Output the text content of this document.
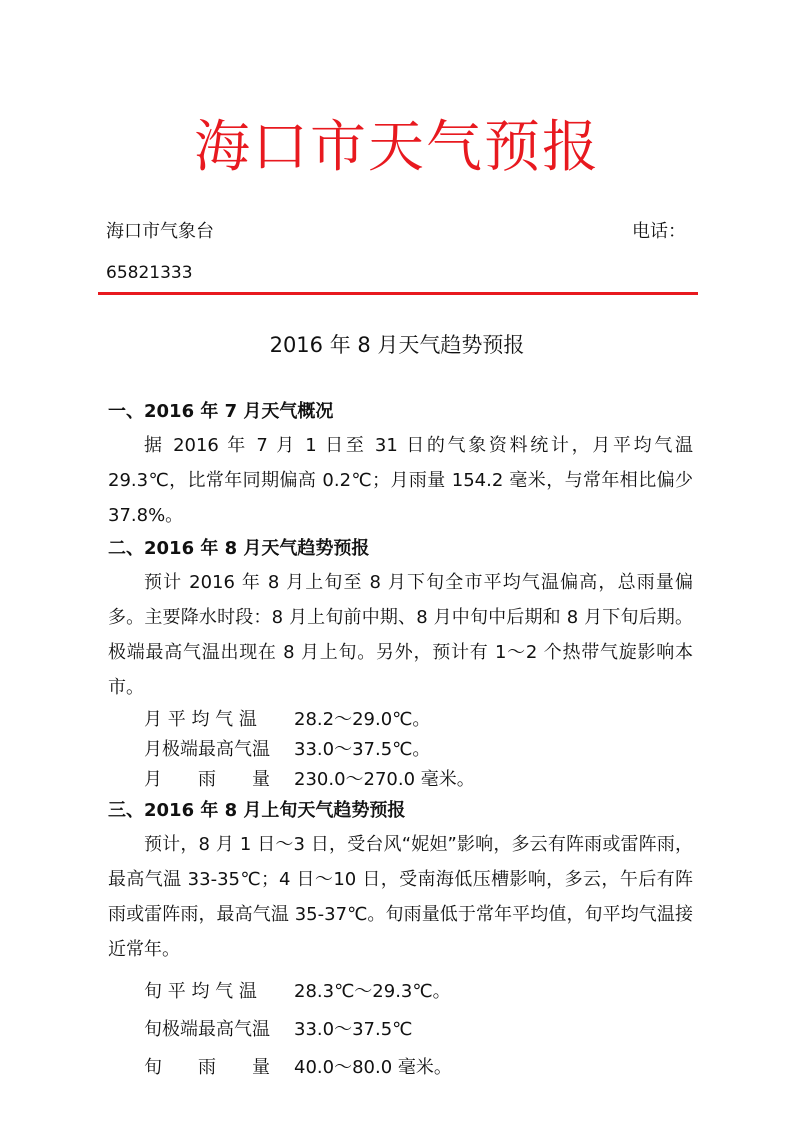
海口市天气预报
海口市气象台	电话：
65821333
2016 年 8 月天气趋势预报

一、2016 年 7 月天气概况

据 2016 年 7 月 1 日至 31 日的气象资料统计，月平均气温 29.3℃，比常年同期偏高 0.2℃；月雨量 154.2 毫米，与常年相比偏少 37.8%。

二、2016 年 8 月天气趋势预报

预计 2016 年 8 月上旬至 8 月下旬全市平均气温偏高，总雨量偏多。主要降水时段：8 月上旬前中期、8 月中旬中后期和 8 月下旬后期。极端最高气温出现在 8 月上旬。另外，预计有 1～2 个热带气旋影响本市。

月 平 均 气 温	28.2～29.0℃。
月极端最高气温	33.0～37.5℃。
月　　雨　　量	230.0～270.0 毫米。

三、2016 年 8 月上旬天气趋势预报

预计，8 月 1 日～3 日，受台风“妮妲”影响，多云有阵雨或雷阵雨，最高气温 33-35℃；4 日～10 日，受南海低压槽影响，多云，午后有阵雨或雷阵雨，最高气温 35-37℃。旬雨量低于常年平均值，旬平均气温接近常年。

旬 平 均 气 温	28.3℃～29.3℃。
旬极端最高气温	33.0～37.5℃
旬　　雨　　量	40.0～80.0 毫米。
